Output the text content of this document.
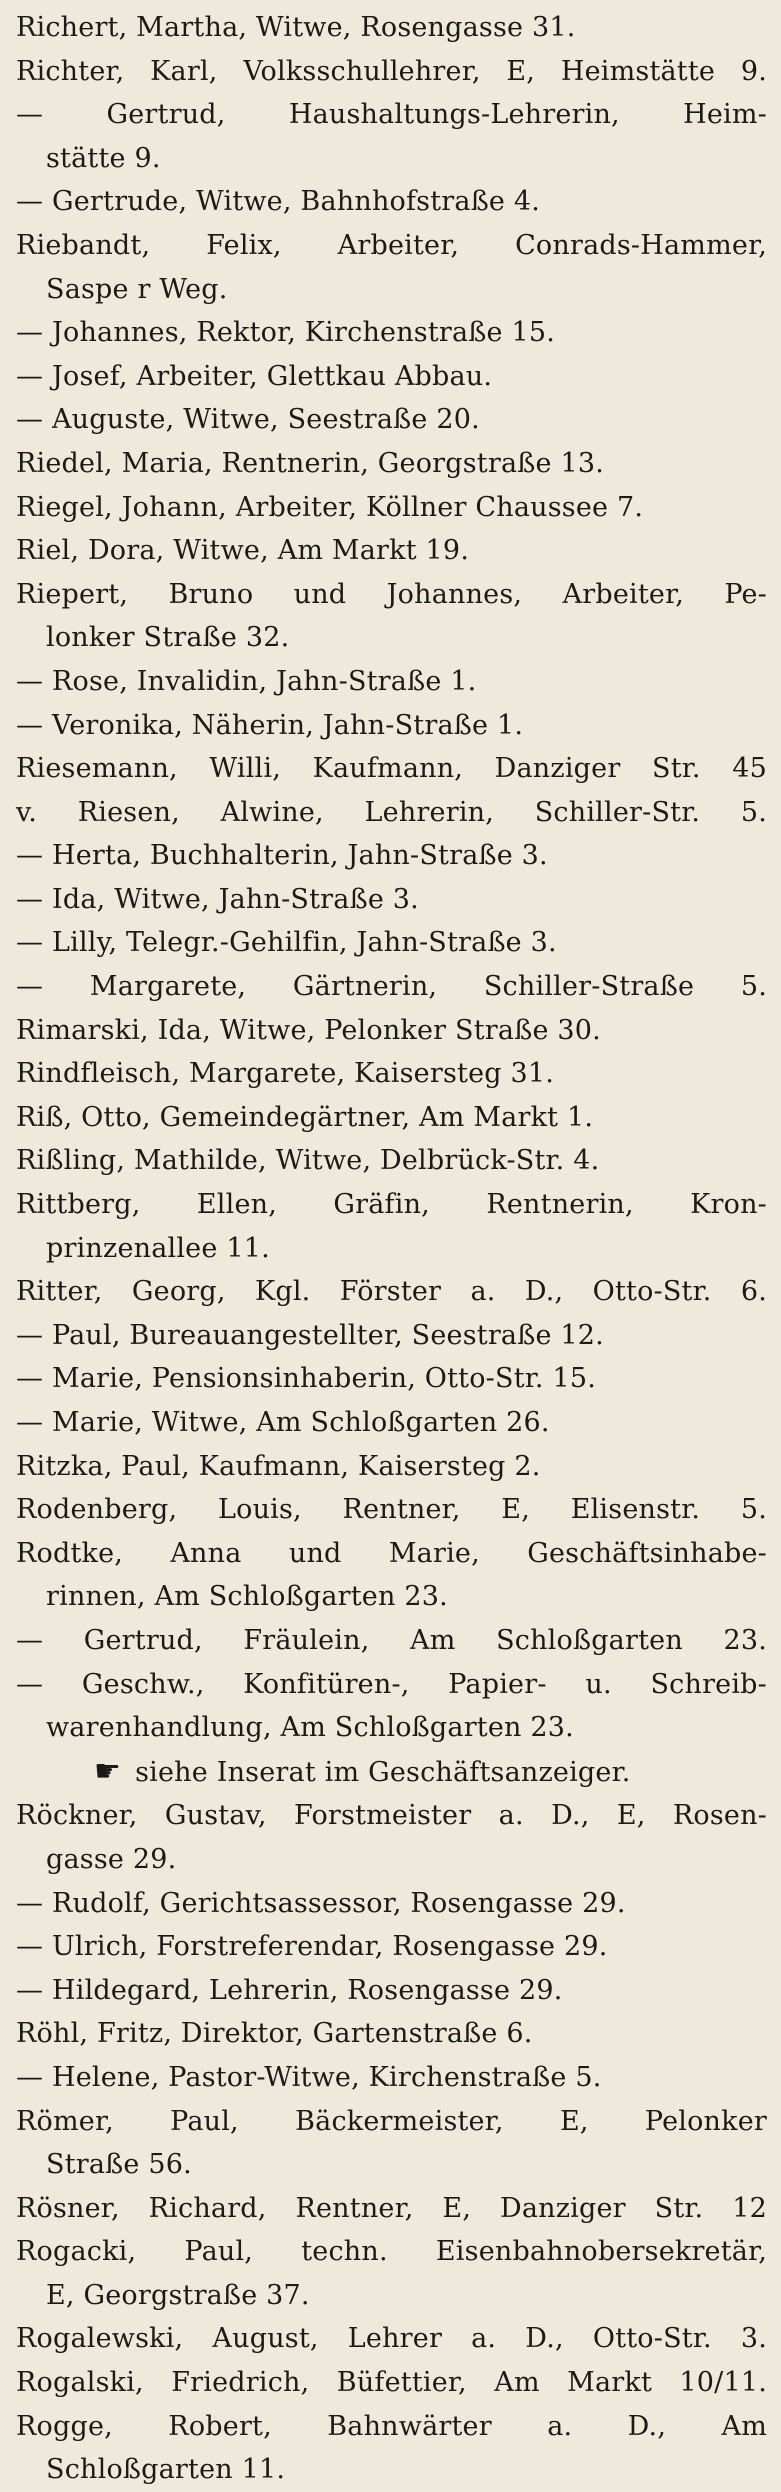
Richert, Martha, Witwe, Rosengasse 31.
Richter, Karl, Volksschullehrer, E, Heimstätte 9.
— Gertrud, Haushaltungs-Lehrerin, Heim-
stätte 9.
— Gertrude, Witwe, Bahnhofstraße 4.
Riebandt, Felix, Arbeiter, Conrads-Hammer,
Saspe r Weg.
— Johannes, Rektor, Kirchenstraße 15.
— Josef, Arbeiter, Glettkau Abbau.
— Auguste, Witwe, Seestraße 20.
Riedel, Maria, Rentnerin, Georgstraße 13.
Riegel, Johann, Arbeiter, Köllner Chaussee 7.
Riel, Dora, Witwe, Am Markt 19.
Riepert, Bruno und Johannes, Arbeiter, Pe-
lonker Straße 32.
— Rose, Invalidin, Jahn-Straße 1.
— Veronika, Näherin, Jahn-Straße 1.
Riesemann, Willi, Kaufmann, Danziger Str. 45
v. Riesen, Alwine, Lehrerin, Schiller-Str. 5.
— Herta, Buchhalterin, Jahn-Straße 3.
— Ida, Witwe, Jahn-Straße 3.
— Lilly, Telegr.-Gehilfin, Jahn-Straße 3.
— Margarete, Gärtnerin, Schiller-Straße 5.
Rimarski, Ida, Witwe, Pelonker Straße 30.
Rindfleisch, Margarete, Kaisersteg 31.
Riß, Otto, Gemeindegärtner, Am Markt 1.
Rißling, Mathilde, Witwe, Delbrück-Str. 4.
Rittberg, Ellen, Gräfin, Rentnerin, Kron-
prinzenallee 11.
Ritter, Georg, Kgl. Förster a. D., Otto-Str. 6.
— Paul, Bureauangestellter, Seestraße 12.
— Marie, Pensionsinhaberin, Otto-Str. 15.
— Marie, Witwe, Am Schloßgarten 26.
Ritzka, Paul, Kaufmann, Kaisersteg 2.
Rodenberg, Louis, Rentner, E, Elisenstr. 5.
Rodtke, Anna und Marie, Geschäftsinhabe-
rinnen, Am Schloßgarten 23.
— Gertrud, Fräulein, Am Schloßgarten 23.
— Geschw., Konfitüren-, Papier- u. Schreib-
warenhandlung, Am Schloßgarten 23.
☛ siehe Inserat im Geschäftsanzeiger.
Röckner, Gustav, Forstmeister a. D., E, Rosen-
gasse 29.
— Rudolf, Gerichtsassessor, Rosengasse 29.
— Ulrich, Forstreferendar, Rosengasse 29.
— Hildegard, Lehrerin, Rosengasse 29.
Röhl, Fritz, Direktor, Gartenstraße 6.
— Helene, Pastor-Witwe, Kirchenstraße 5.
Römer, Paul, Bäckermeister, E, Pelonker
Straße 56.
Rösner, Richard, Rentner, E, Danziger Str. 12
Rogacki, Paul, techn. Eisenbahnobersekretär,
E, Georgstraße 37.
Rogalewski, August, Lehrer a. D., Otto-Str. 3.
Rogalski, Friedrich, Büfettier, Am Markt 10/11.
Rogge, Robert, Bahnwärter a. D., Am
Schloßgarten 11.
